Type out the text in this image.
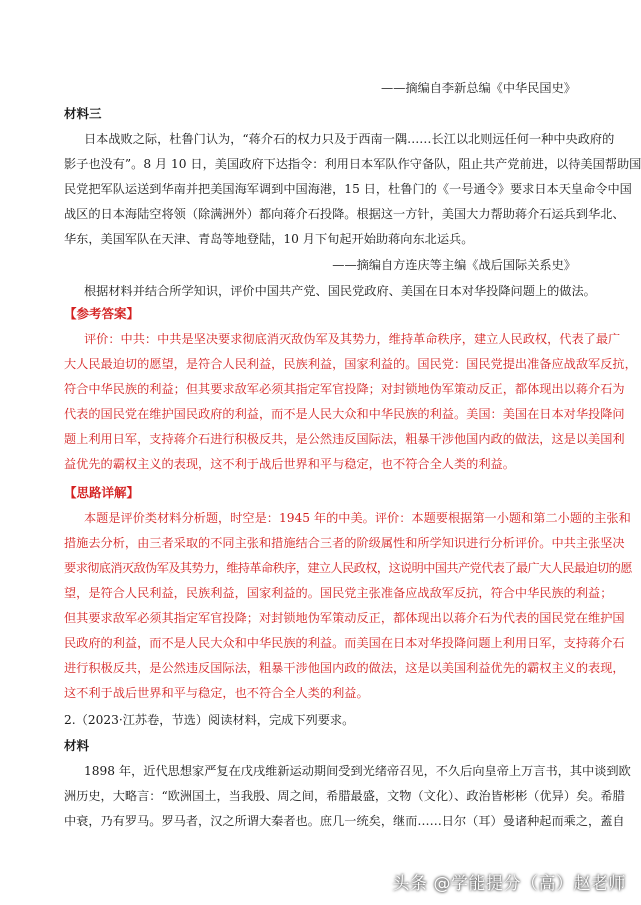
——摘编自李新总编《中华民国史》
材料三
日本战败之际，杜鲁门认为，“蒋介石的权力只及于西南一隅……长江以北则远任何一种中央政府的
影子也没有”。8 月 10 日，美国政府下达指令：利用日本军队作守备队，阻止共产党前进，以待美国帮助国
民党把军队运送到华南并把美国海军调到中国海港，15 日，杜鲁门的《一号通令》要求日本天皇命令中国
战区的日本海陆空将领（除满洲外）都向蒋介石投降。根据这一方针，美国大力帮助蒋介石运兵到华北、
华东，美国军队在天津、青岛等地登陆，10 月下旬起开始助蒋向东北运兵。
——摘编自方连庆等主编《战后国际关系史》
根据材料并结合所学知识，评价中国共产党、国民党政府、美国在日本对华投降问题上的做法。
【参考答案】
评价：中共：中共是坚决要求彻底消灭敌伪军及其势力，维持革命秩序，建立人民政权，代表了最广
大人民最迫切的愿望，是符合人民利益，民族利益，国家利益的。国民党：国民党提出准备应战敌军反抗，
符合中华民族的利益；但其要求敌军必须其指定军官投降；对封锁地伪军策动反正，都体现出以蒋介石为
代表的国民党在维护国民政府的利益，而不是人民大众和中华民族的利益。美国：美国在日本对华投降问
题上利用日军，支持蒋介石进行积极反共，是公然违反国际法，粗暴干涉他国内政的做法，这是以美国利
益优先的霸权主义的表现，这不利于战后世界和平与稳定，也不符合全人类的利益。
【思路详解】
本题是评价类材料分析题，时空是：1945 年的中美。评价：本题要根据第一小题和第二小题的主张和
措施去分析，由三者采取的不同主张和措施结合三者的阶级属性和所学知识进行分析评价。中共主张坚决
要求彻底消灭敌伪军及其势力，维持革命秩序，建立人民政权，这说明中国共产党代表了最广大人民最迫切的愿
望，是符合人民利益，民族利益，国家利益的。国民党主张准备应战敌军反抗，符合中华民族的利益；
但其要求敌军必须其指定军官投降；对封锁地伪军策动反正，都体现出以蒋介石为代表的国民党在维护国
民政府的利益，而不是人民大众和中华民族的利益。而美国在日本对华投降问题上利用日军，支持蒋介石
进行积极反共，是公然违反国际法，粗暴干涉他国内政的做法，这是以美国利益优先的霸权主义的表现，
这不利于战后世界和平与稳定，也不符合全人类的利益。
2.（2023·江苏卷，节选）阅读材料，完成下列要求。
材料
1898 年，近代思想家严复在戊戌维新运动期间受到光绪帝召见，不久后向皇帝上万言书，其中谈到欧
洲历史，大略言：“欧洲国土，当我殷、周之间，希腊最盛，文物（文化）、政治皆彬彬（优异）矣。希腊
中衰，乃有罗马。罗马者，汉之所谓大秦者也。庶几一统矣，继而……日尔（耳）曼诸种起而乘之，蓋自
头条 @学能提分（高）赵老师
